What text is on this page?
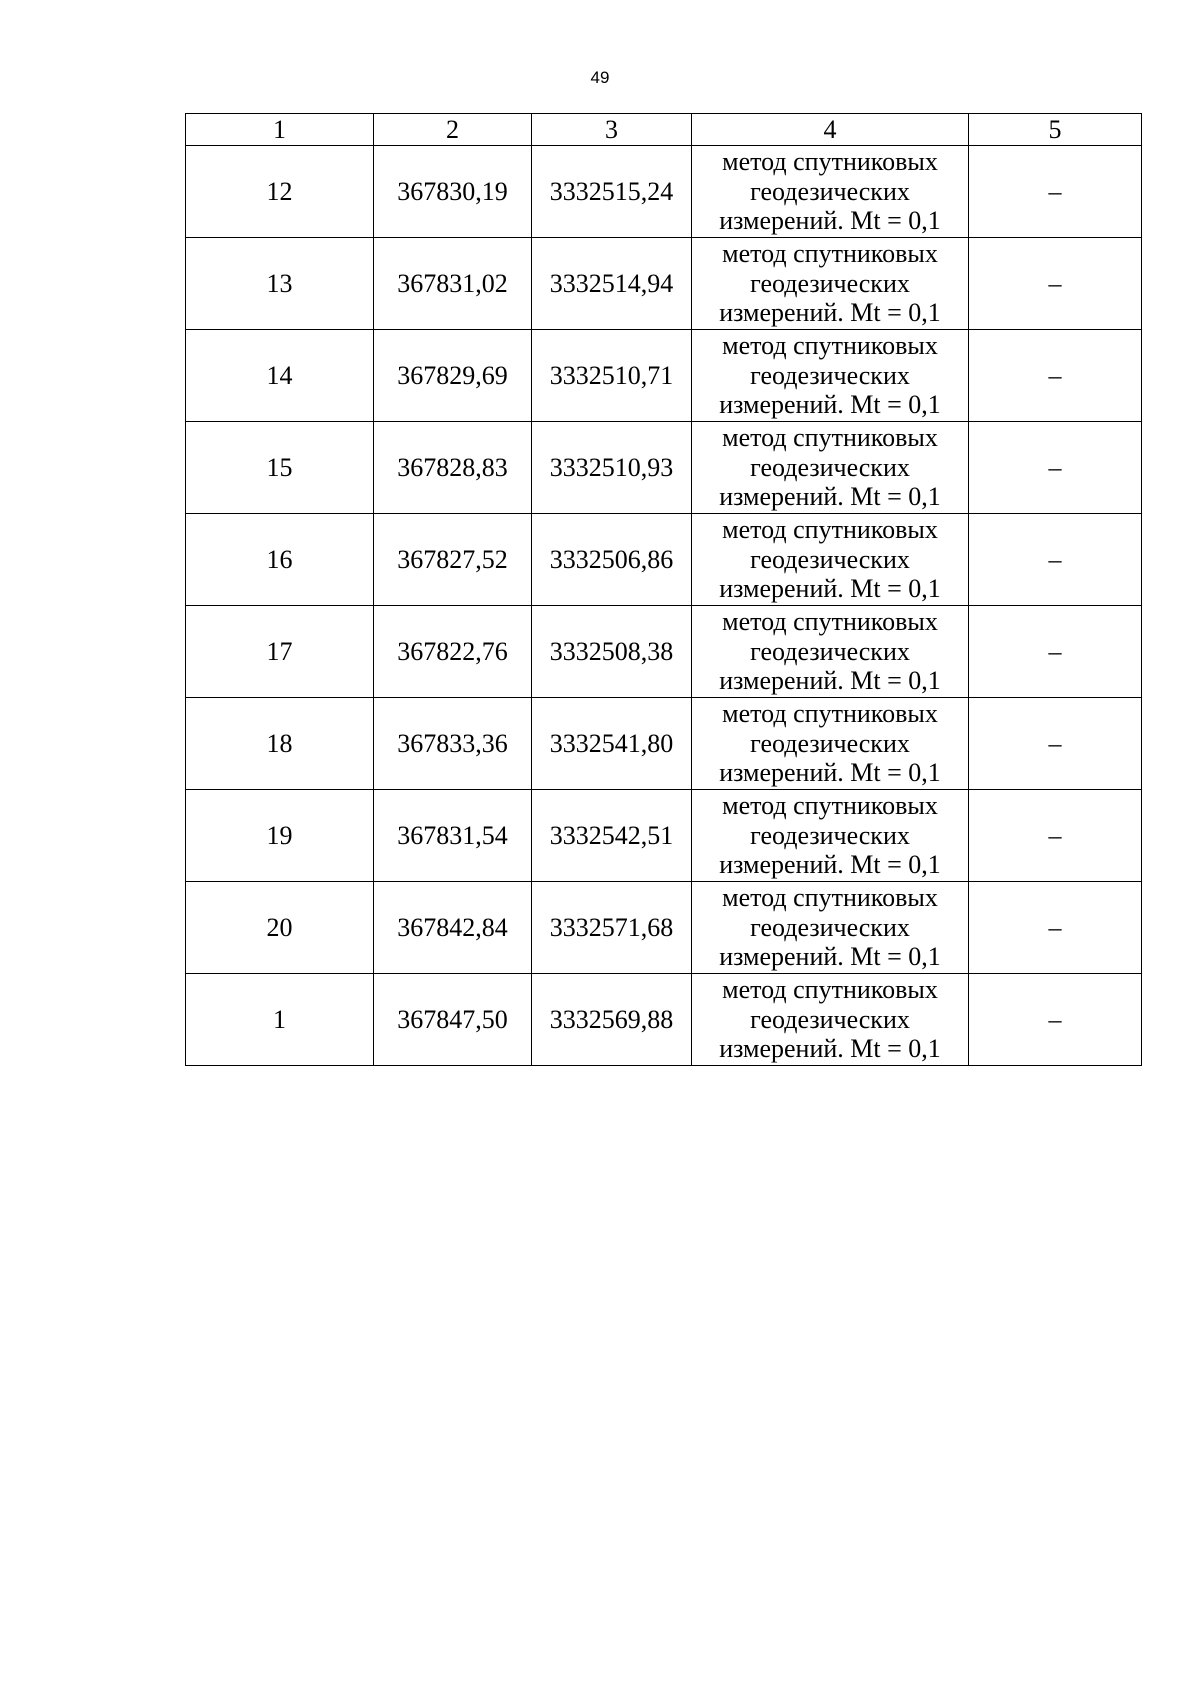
49
1	2	3	4	5
12	367830,19	3332515,24	метод спутниковых геодезических измерений. Mt = 0,1	–
13	367831,02	3332514,94	метод спутниковых геодезических измерений. Mt = 0,1	–
14	367829,69	3332510,71	метод спутниковых геодезических измерений. Mt = 0,1	–
15	367828,83	3332510,93	метод спутниковых геодезических измерений. Mt = 0,1	–
16	367827,52	3332506,86	метод спутниковых геодезических измерений. Mt = 0,1	–
17	367822,76	3332508,38	метод спутниковых геодезических измерений. Mt = 0,1	–
18	367833,36	3332541,80	метод спутниковых геодезических измерений. Mt = 0,1	–
19	367831,54	3332542,51	метод спутниковых геодезических измерений. Mt = 0,1	–
20	367842,84	3332571,68	метод спутниковых геодезических измерений. Mt = 0,1	–
1	367847,50	3332569,88	метод спутниковых геодезических измерений. Mt = 0,1	–
